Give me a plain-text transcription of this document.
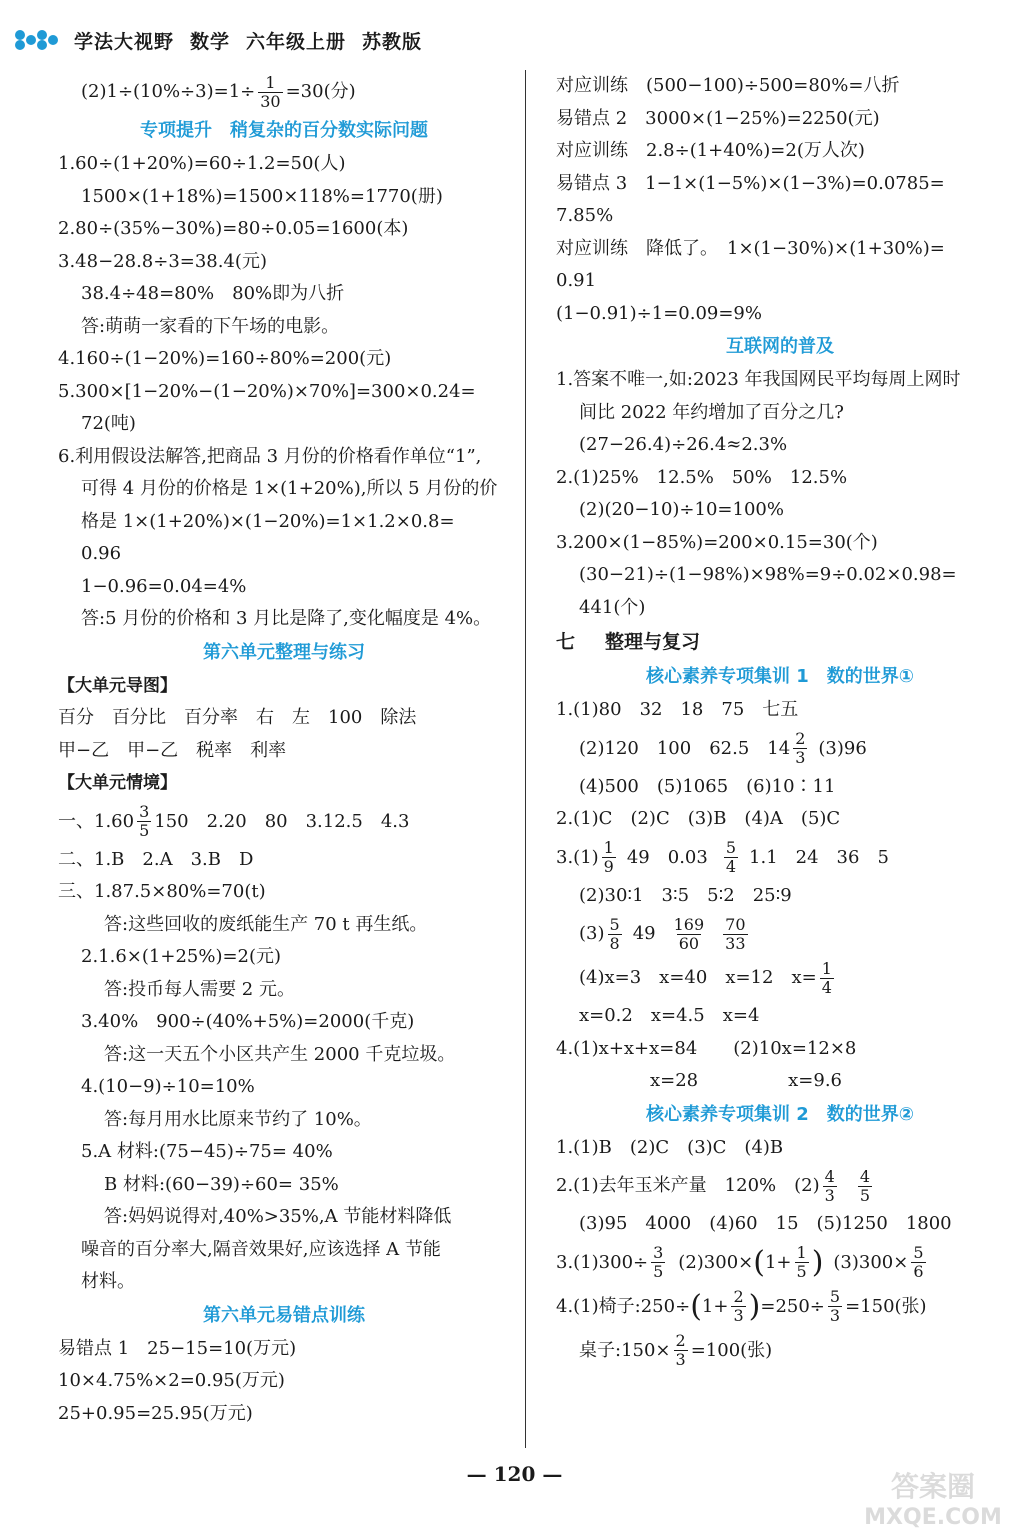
学法大视野 数学 六年级上册 苏教版
$(2)1\div(10\%\div 3)=1\div \frac{1}{30} =30$(分)
专项提升　稍复杂的百分数实际问题
1.60÷(1+20%)=60÷1.2=50(人)
1500×(1+18%)=1500×118%=1770(册)
2.80÷(35%−30%)=80÷0.05=1600(本)
3.48−28.8÷3=38.4(元)
38.4÷48=80%　80%即为八折
答:萌萌一家看的下午场的电影。
4.160÷(1−20%)=160÷80%=200(元)
5.300×[1−20%−(1−20%)×70%]=300×0.24=
72(吨)
6.利用假设法解答,把商品 3 月份的价格看作单位“1”,
可得 4 月份的价格是 1×(1+20%),所以 5 月份的价
格是 1×(1+20%)×(1−20%)=1×1.2×0.8=
0.96
1−0.96=0.04=4%
答:5 月份的价格和 3 月比是降了,变化幅度是 4%。
第六单元整理与练习
【大单元导图】
百分　百分比　百分率　右　左　100　除法
甲−乙　甲−乙　税率　利率
【大单元情境】
一、$1.60 \frac{3}{5} 150$　2.20　80　3.12.5　4.3
二、1.B　2.A　3.B　D
三、1.87.5×80%=70(t)
答:这些回收的废纸能生产 70 t 再生纸。
2.1.6×(1+25%)=2(元)
答:投币每人需要 2 元。
3.40%　900÷(40%+5%)=2000(千克)
答:这一天五个小区共产生 2000 千克垃圾。
4.(10−9)÷10=10%
答:每月用水比原来节约了 10%。
5.A 材料:(75−45)÷75= 40%
B 材料:(60−39)÷60= 35%
答:妈妈说得对,40%>35%,A 节能材料降低
噪音的百分率大,隔音效果好,应该选择 A 节能
材料。
第六单元易错点训练
易错点 1　25−15=10(万元)
10×4.75%×2=0.95(万元)
25+0.95=25.95(万元)
对应训练　(500−100)÷500=80%=八折
易错点 2　3000×(1−25%)=2250(元)
对应训练　2.8÷(1+40%)=2(万人次)
易错点 3　1−1×(1−5%)×(1−3%)=0.0785=
7.85%
对应训练　降低了。　1×(1−30%)×(1+30%)=
0.91
(1−0.91)÷1=0.09=9%
互联网的普及
1.答案不唯一,如:2023 年我国网民平均每周上网时
间比 2022 年约增加了百分之几?
(27−26.4)÷26.4≈2.3%
2.(1)25%　12.5%　50%　12.5%
(2)(20−10)÷10=100%
3.200×(1−85%)=200×0.15=30(个)
(30−21)÷(1−98%)×98%=9÷0.02×0.98=
441(个)
七 整理与复习
核心素养专项集训 1　数的世界①
1.(1)80　32　18　75　七五
(2)120　100　62.5　$14 \frac{2}{3} (3)96$
(4)500　(5)1065　(6)10∶11
2.(1)C　(2)C　(3)B　(4)A　(5)C
$3.(1) \frac{1}{9} 49$　$0.03 \frac{5}{4} 1.1$　24　36　5
(2)30∶1　3∶5　5∶2　25∶9
$(3) \frac{5}{8} 49 \frac{169}{60} \frac{70}{33}$
(4)x=3　x=40　x=12　$x= \frac{1}{4}$
x=0.2　x=4.5　x=4
4.(1)x+x+x=84　　(2)10x=12×8
x=28　　　　　x=9.6
核心素养专项集训 2　数的世界②
1.(1)B　(2)C　(3)C　(4)B
2.(1)去年玉米产量　120%　$(2) \frac{4}{3} \frac{4}{5}$
(3)95　4000　(4)60　15　(5)1250　1800
$3.(1)300\div \frac{3}{5} (2)300\times(1+ \frac{1}{5}$ ) $(3)300\times \frac{5}{6}$
4.(1)椅子:250÷(1+ $\frac{2}{3} )=250\div \frac{5}{3} =150$(张)
桌子:150× $\frac{2}{3} =100$(张)
— 120 —	答案圈
MXQE.COM
